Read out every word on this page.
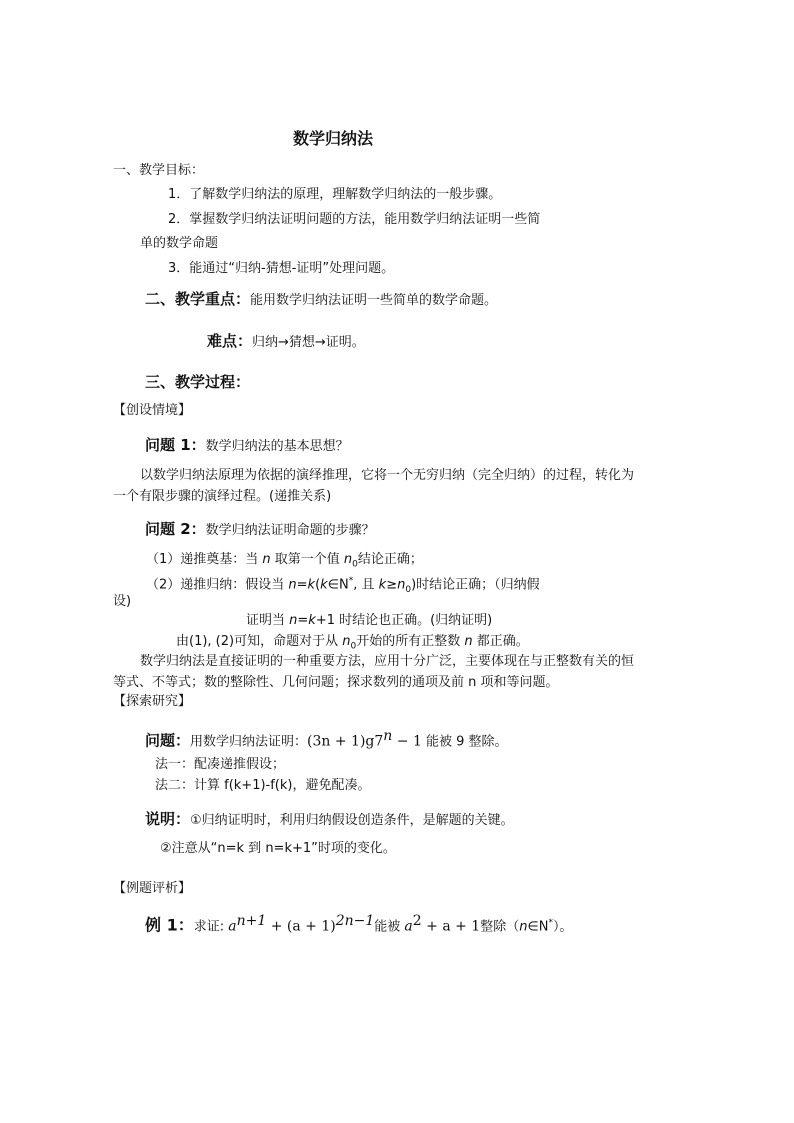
数学归纳法
一、教学目标：
1．了解数学归纳法的原理，理解数学归纳法的一般步骤。
2．掌握数学归纳法证明问题的方法，能用数学归纳法证明一些简
单的数学命题
3．能通过“归纳-猜想-证明”处理问题。
二、教学重点：能用数学归纳法证明一些简单的数学命题。
难点：归纳→猜想→证明。
三、教学过程：
【创设情境】
问题 1：数学归纳法的基本思想？
以数学归纳法原理为依据的演绎推理，它将一个无穷归纳（完全归纳）的过程，转化为
一个有限步骤的演绎过程。(递推关系)
问题 2：数学归纳法证明命题的步骤？
（1）递推奠基：当 n 取第一个值 $n_0$结论正确；
（2）递推归纳：假设当 n=k(k∈N*, 且 $k\ge n_0$)时结论正确；（归纳假
设)
证明当 n=k+1 时结论也正确。(归纳证明)
由(1), (2)可知，命题对于从 $n_0$开始的所有正整数 n 都正确。
数学归纳法是直接证明的一种重要方法，应用十分广泛，主要体现在与正整数有关的恒
等式、不等式；数的整除性、几何问题；探求数列的通项及前 n 项和等问题。
【探索研究】
问题：用数学归纳法证明：$(3n + 1)g7^n - 1$ 能被 9 整除。
法一：配凑递推假设；
法二：计算 f(k+1)-f(k)，避免配凑。
说明：①归纳证明时，利用归纳假设创造条件，是解题的关键。
②注意从“n=k 到 n=k+1”时项的变化。
【例题评析】
例 1：求证: $a^{n+1} + (a + 1)^{2n-1}$能被 $a^2 + a + 1$整除（n∈N*）。
